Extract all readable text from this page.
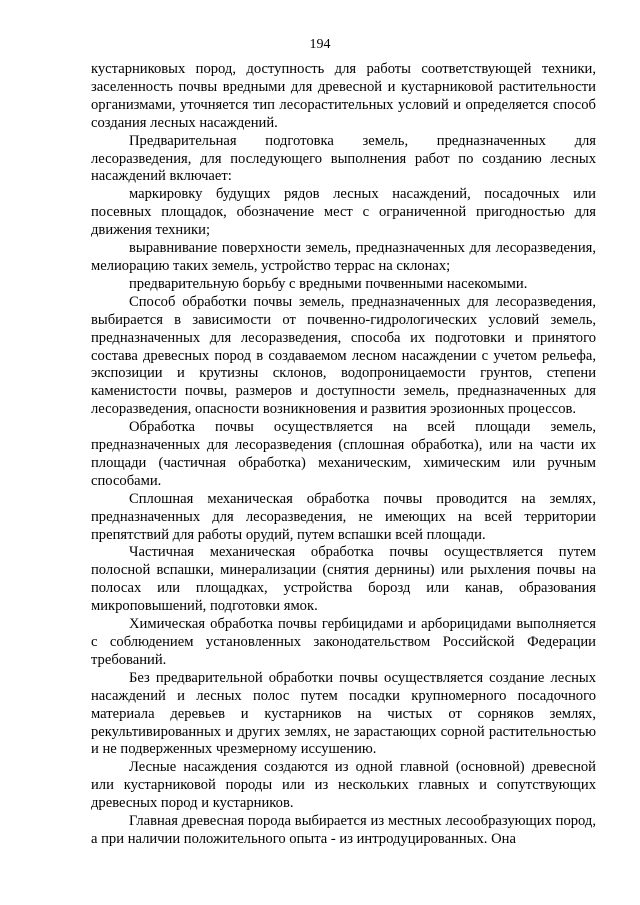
194

кустарниковых пород, доступность для работы соответствующей техники, заселенность почвы вредными для древесной и кустарниковой растительности организмами, уточняется тип лесорастительных условий и определяется способ создания лесных насаждений.

Предварительная подготовка земель, предназначенных для лесоразведения, для последующего выполнения работ по созданию лесных насаждений включает:

маркировку будущих рядов лесных насаждений, посадочных или посевных площадок, обозначение мест с ограниченной пригодностью для движения техники;

выравнивание поверхности земель, предназначенных для лесоразведения, мелиорацию таких земель, устройство террас на склонах;

предварительную борьбу с вредными почвенными насекомыми.

Способ обработки почвы земель, предназначенных для лесоразведения, выбирается в зависимости от почвенно-гидрологических условий земель, предназначенных для лесоразведения, способа их подготовки и принятого состава древесных пород в создаваемом лесном насаждении с учетом рельефа, экспозиции и крутизны склонов, водопроницаемости грунтов, степени каменистости почвы, размеров и доступности земель, предназначенных для лесоразведения, опасности возникновения и развития эрозионных процессов.

Обработка почвы осуществляется на всей площади земель, предназначенных для лесоразведения (сплошная обработка), или на части их площади (частичная обработка) механическим, химическим или ручным способами.

Сплошная механическая обработка почвы проводится на землях, предназначенных для лесоразведения, не имеющих на всей территории препятствий для работы орудий, путем вспашки всей площади.

Частичная механическая обработка почвы осуществляется путем полосной вспашки, минерализации (снятия дернины) или рыхления почвы на полосах или площадках, устройства борозд или канав, образования микроповышений, подготовки ямок.

Химическая обработка почвы гербицидами и арборицидами выполняется с соблюдением установленных законодательством Российской Федерации требований.

Без предварительной обработки почвы осуществляется создание лесных насаждений и лесных полос путем посадки крупномерного посадочного материала деревьев и кустарников на чистых от сорняков землях, рекультивированных и других землях, не зарастающих сорной растительностью и не подверженных чрезмерному иссушению.

Лесные насаждения создаются из одной главной (основной) древесной или кустарниковой породы или из нескольких главных и сопутствующих древесных пород и кустарников.

Главная древесная порода выбирается из местных лесообразующих пород, а при наличии положительного опыта - из интродуцированных. Она
